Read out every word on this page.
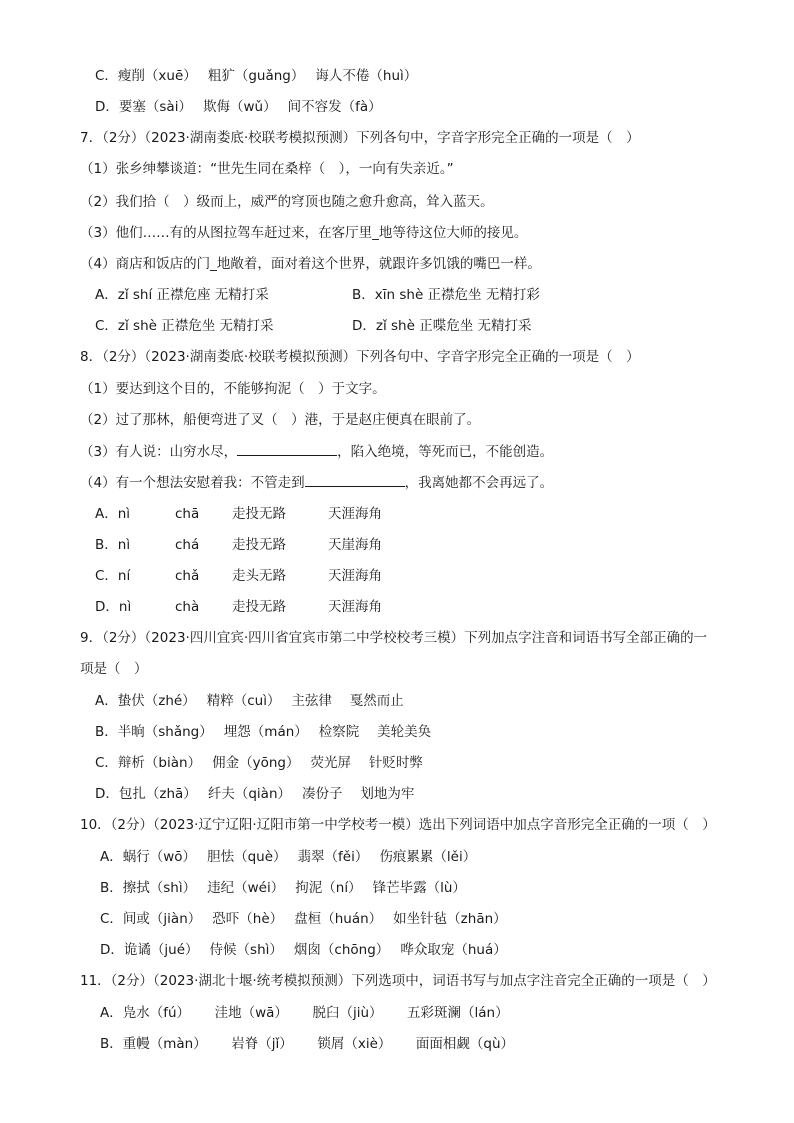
C．瘦削（xuē）　 粗犷（guǎng）　 诲人不倦（huì）
D．要塞（sài）　 欺侮（wǔ）　 间不容发（fà）
7．（2分）（2023·湖南娄底·校联考模拟预测）下列各句中，字音字形完全正确的一项是（　）
（1）张乡绅攀谈道：“世先生同在桑梓（　），一向有失亲近。”
（2）我们拾（　）级而上，威严的穹顶也随之愈升愈高，耸入蓝天。
（3）他们……有的从图拉驾车赶过来，在客厅里_地等待这位大师的接见。
（4）商店和饭店的门_地敞着，面对着这个世界，就跟许多饥饿的嘴巴一样。
A．zǐ shí 正襟危座 无精打采	B．xīn shè 正襟危坐 无精打彩
C．zǐ shè 正襟危坐 无精打采	D．zǐ shè 正喋危坐 无精打采
8．（2分）（2023·湖南娄底·校联考模拟预测）下列各句中、字音字形完全正确的一项是（　）
（1）要达到这个目的，不能够拘泥（　）于文字。
（2）过了那林，船便弯进了叉（　）港，于是赵庄便真在眼前了。
（3）有人说：山穷水尽，	，陷入绝境，等死而已，不能创造。
（4）有一个想法安慰着我：不管走到	，我离她都不会再远了。
A．nì	chā 走投无路	天涯海角
B．nì	chá 走投无路	天崖海角
C．ní	chǎ 走头无路	天涯海角
D．nì	chà 走投无路	天涯海角
9．（2分）（2023·四川宜宾·四川省宜宾市第二中学校校考三模）下列加点字注音和词语书写全部正确的一
项是（　）
A．蛰伏（zhé）　 精粹（cuì）　 主弦律　 戛然而止
B．半晌（shǎng）　 埋怨（mán）　 检察院　 美轮美奂
C．辩析（biàn）　 佣金（yōng）　 荧光屏　 针贬时弊
D．包扎（zhā）　 纤夫（qiàn）　 凑份子　 划地为牢
10．（2分）（2023·辽宁辽阳·辽阳市第一中学校考一模）选出下列词语中加点字音形完全正确的一项（　）
A．蜗行（wō）　 胆怯（què）　 翡翠（fěi）　 伤痕累累（lěi）
B．擦拭（shì）　 违纪（wéi）　 拘泥（ní）　 锋芒毕露（lù）
C．间或（jiàn）　 恐吓（hè）　 盘桓（huán）　 如坐针毡（zhān）
D．诡谲（jué）　 侍候（shì）　 烟囱（chōng）　 哗众取宠（huá）
11．（2分）（2023·湖北十堰·统考模拟预测）下列选项中，词语书写与加点字注音完全正确的一项是（　）
A．凫水（fú）　　 洼地（wā）　　 脱臼（jiù）　　 五彩斑澜（lán）
B．重幔（màn）　　 岩脊（jǐ）　　 锁屑（xiè）　　 面面相觑（qù）
